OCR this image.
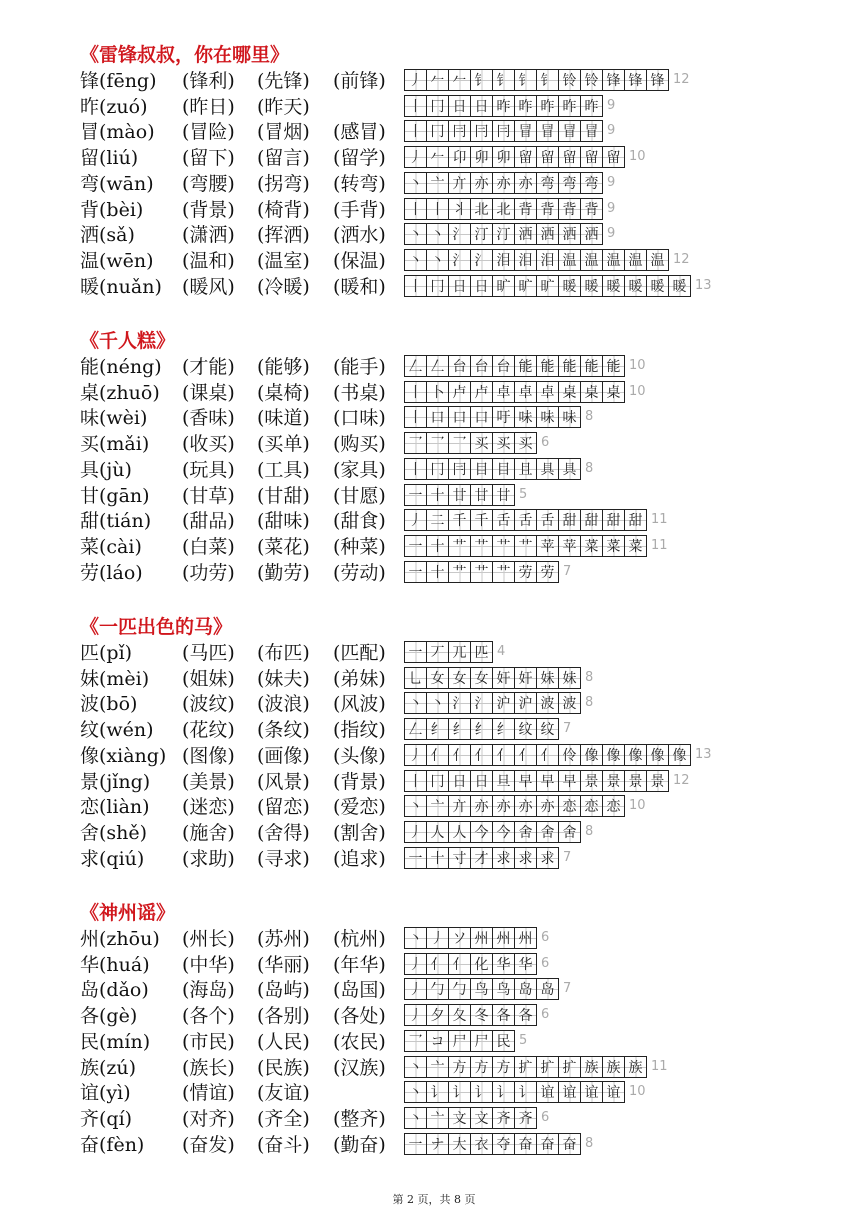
《雷锋叔叔，你在哪里》
锋(fēng) (锋利) (先锋) (前锋)	丿 𠂉 𠂉 钅 钅 钅 钅 铃 铃 锋 锋 锋 12
昨(zuó) (昨日) (昨天)	丨 冂 日 日 昨 昨 昨 昨 昨 9
冒(mào) (冒险) (冒烟) (感冒)	丨 冂 冃 冃 冃 冒 冒 冒 冒 9
留(liú) (留下) (留言) (留学)	丿 𠂉 卬 卯 卯 留 留 留 留 留 10
弯(wān) (弯腰) (拐弯) (转弯)	丶 亠 亣 亦 亦 亦 弯 弯 弯 9
背(bèi) (背景) (椅背) (手背)	丨 丨 丬 北 北 背 背 背 背 9
洒(sǎ) (潇洒) (挥洒) (洒水)	丶 丶 氵 汀 汀 洒 洒 洒 洒 9
温(wēn) (温和) (温室) (保温)	丶 丶 氵 氵 泪 泪 泪 温 温 温 温 温 12
暖(nuǎn) (暖风) (冷暖) (暖和)	丨 冂 日 日 旷 旷 旷 暖 暖 暖 暖 暖 暖 13
《千人糕》
能(néng) (才能) (能够) (能手)	𠃋 𠃋 台 台 台 能 能 能 能 能 10
桌(zhuō) (课桌) (桌椅) (书桌)	丨 卜 卢 卢 卓 卓 卓 桌 桌 桌 10
味(wèi) (香味) (味道) (口味)	丨 口 口 口 吁 味 味 味 8
买(mǎi) (收买) (买单) (购买)	乛 乛 乛 买 买 买 6
具(jù)	(玩具) (工具) (家具)	丨 冂 冃 目 目 且 具 具 8
甘(gān) (甘草) (甘甜) (甘愿)	一 十 廿 甘 甘 5
甜(tián) (甜品) (甜味) (甜食)	丿 二 千 千 舌 舌 舌 甜 甜 甜 甜 11
菜(cài) (白菜) (菜花) (种菜)	一 十 艹 艹 艹 艹 苹 苹 菜 菜 菜 11
劳(láo) (功劳) (勤劳) (劳动)	一 十 艹 艹 艹 劳 劳 7
《一匹出色的马》
匹(pǐ)	(马匹) (布匹) (匹配)	一 丆 兀 匹 4
妹(mèi) (姐妹) (妹夫) (弟妹)	乚 女 女 女 奸 奸 妹 妹 8
波(bō) (波纹) (波浪) (风波)	丶 丶 氵 氵 沪 沪 波 波 8
纹(wén) (花纹) (条纹) (指纹)	𠃋 纟 纟 纟 纟 纹 纹 7
像(xiàng) (图像) (画像) (头像)	丿 亻 亻 亻 亻 亻 亻 伶 像 像 像 像 像 13
景(jǐng) (美景) (风景) (背景)	丨 冂 日 日 旦 早 早 早 景 景 景 景 12
恋(liàn) (迷恋) (留恋) (爱恋)	丶 亠 亣 亦 亦 亦 亦 恋 恋 恋 10
舍(shě) (施舍) (舍得) (割舍)	丿 人 人 今 今 舍 舍 舍 8
求(qiú) (求助) (寻求) (追求)	一 十 寸 才 求 求 求 7
《神州谣》
州(zhōu) (州长) (苏州) (杭州)	丶 丿 ソ 州 州 州 6
华(huá) (中华) (华丽) (年华)	丿 亻 亻 化 华 华 6
岛(dǎo) (海岛) (岛屿) (岛国)	丿 勹 勹 鸟 鸟 岛 岛 7
各(gè) (各个) (各别) (各处)	丿 夕 夂 冬 各 各 6
民(mín) (市民) (人民) (农民)	乛 コ 尸 尸 民 5
族(zú) (族长) (民族) (汉族)	丶 亠 方 方 方 扩 扩 扩 族 族 族 11
谊(yì)	(情谊) (友谊)	丶 讠 讠 讠 讠 讠 谊 谊 谊 谊 10
齐(qí)	(对齐) (齐全) (整齐)	丶 亠 文 文 齐 齐 6
奋(fèn) (奋发) (奋斗) (勤奋)	一 ナ 大 衣 夺 奋 奋 奋 8
第 2 页，共 8 页
